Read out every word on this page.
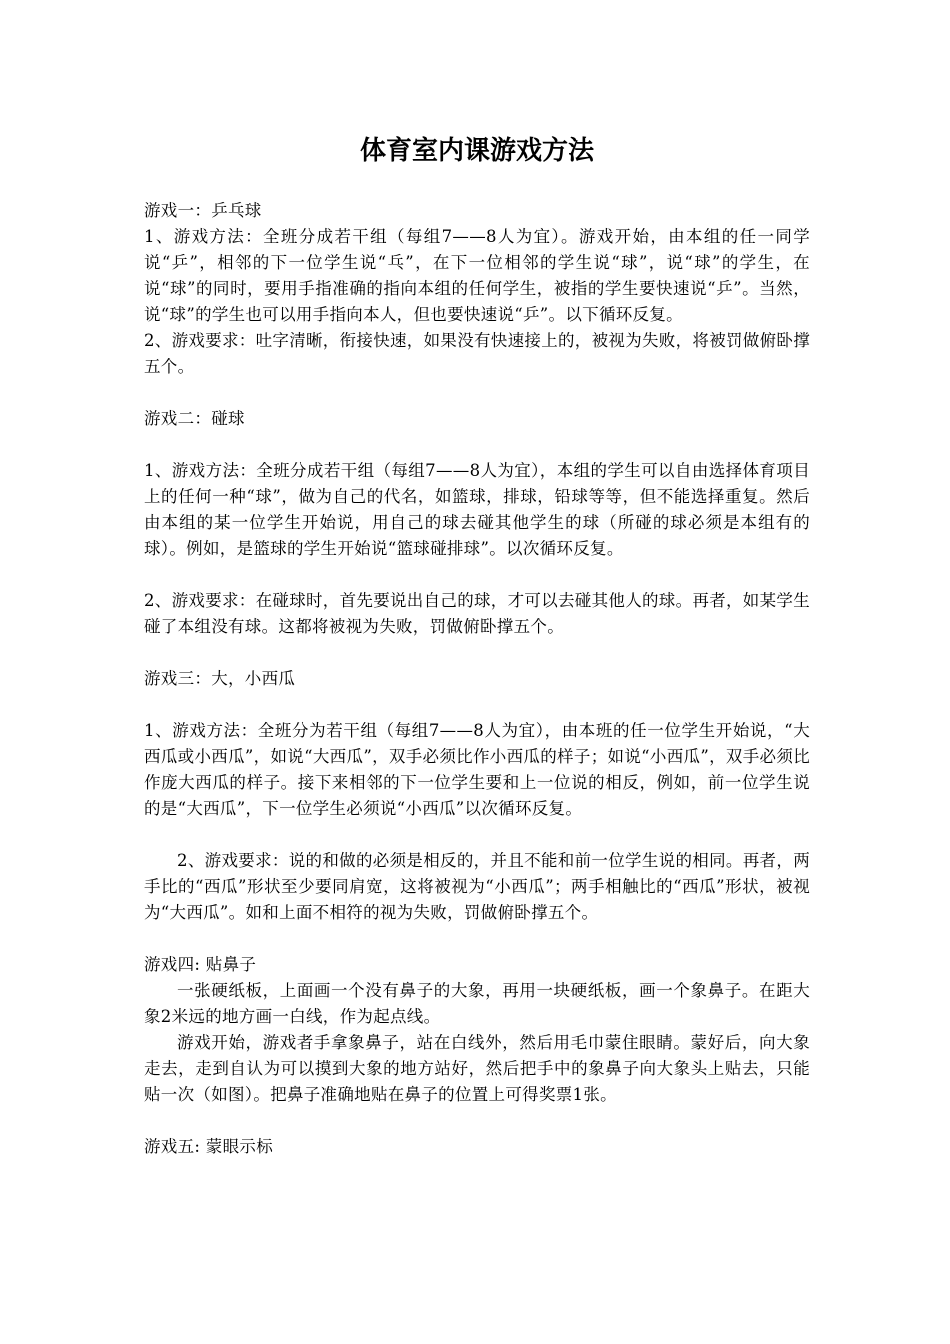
体育室内课游戏方法

游戏一：乒乓球

1、游戏方法：全班分成若干组（每组7——8人为宜）。游戏开始，由本组的任一同学说“乒”，相邻的下一位学生说“乓”，在下一位相邻的学生说“球”，说“球”的学生，在说“球”的同时，要用手指准确的指向本组的任何学生，被指的学生要快速说“乒”。当然，说“球”的学生也可以用手指向本人，但也要快速说“乒”。以下循环反复。

2、游戏要求：吐字清晰，衔接快速，如果没有快速接上的，被视为失败，将被罚做俯卧撑五个。

游戏二：碰球

1、游戏方法：全班分成若干组（每组7——8人为宜），本组的学生可以自由选择体育项目上的任何一种“球”，做为自己的代名，如篮球，排球，铅球等等，但不能选择重复。然后由本组的某一位学生开始说，用自己的球去碰其他学生的球（所碰的球必须是本组有的球）。例如，是篮球的学生开始说“篮球碰排球”。以次循环反复。

2、游戏要求：在碰球时，首先要说出自己的球，才可以去碰其他人的球。再者，如某学生碰了本组没有球。这都将被视为失败，罚做俯卧撑五个。

游戏三：大，小西瓜

1、游戏方法：全班分为若干组（每组7——8人为宜），由本班的任一位学生开始说，“大西瓜或小西瓜”，如说“大西瓜”，双手必须比作小西瓜的样子；如说“小西瓜”，双手必须比作庞大西瓜的样子。接下来相邻的下一位学生要和上一位说的相反，例如，前一位学生说的是“大西瓜”，下一位学生必须说“小西瓜”以次循环反复。

2、游戏要求：说的和做的必须是相反的，并且不能和前一位学生说的相同。再者，两手比的“西瓜”形状至少要同肩宽，这将被视为“小西瓜”；两手相触比的“西瓜”形状，被视为“大西瓜”。如和上面不相符的视为失败，罚做俯卧撑五个。

游戏四: 贴鼻子

一张硬纸板，上面画一个没有鼻子的大象，再用一块硬纸板，画一个象鼻子。在距大象2米远的地方画一白线，作为起点线。

游戏开始，游戏者手拿象鼻子，站在白线外，然后用毛巾蒙住眼睛。蒙好后，向大象走去，走到自认为可以摸到大象的地方站好，然后把手中的象鼻子向大象头上贴去，只能贴一次（如图）。把鼻子准确地贴在鼻子的位置上可得奖票1张。

游戏五: 蒙眼示标
